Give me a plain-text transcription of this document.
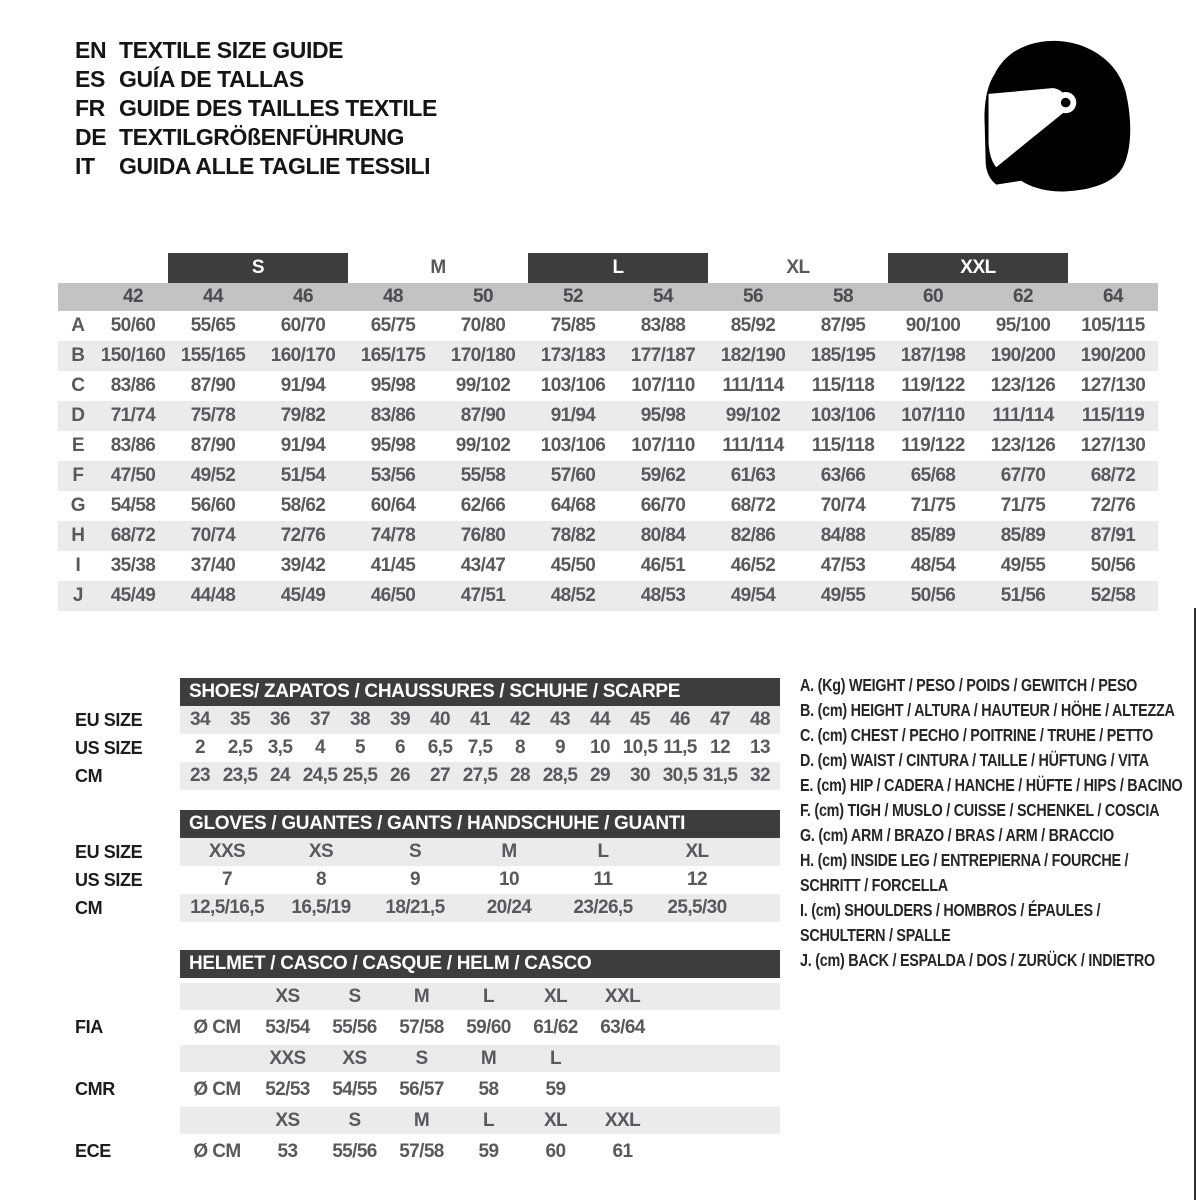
EN TEXTILE SIZE GUIDE
ES GUÍA DE TALLAS
FR GUIDE DES TAILLES TEXTILE
DE TEXTILGRÖßENFÜHRUNG
IT	GUIDA ALLE TAGLIE TESSILI
S	M	L	XL	XXL
42	44	46	48	50	52	54	56	58	60	62	64
A	50/60	55/65	60/70	65/75	70/80	75/85	83/88	85/92	87/95	90/100	95/100	105/115
B 150/160 155/165	160/170	165/175	170/180	173/183	177/187	182/190	185/195	187/198	190/200	190/200
C	83/86	87/90	91/94	95/98	99/102	103/106	107/110	111/114	115/118	119/122	123/126	127/130
D	71/74	75/78	79/82	83/86	87/90	91/94	95/98	99/102	103/106	107/110	111/114	115/119
E	83/86	87/90	91/94	95/98	99/102	103/106	107/110	111/114	115/118	119/122	123/126	127/130
F	47/50	49/52	51/54	53/56	55/58	57/60	59/62	61/63	63/66	65/68	67/70	68/72
G	54/58	56/60	58/62	60/64	62/66	64/68	66/70	68/72	70/74	71/75	71/75	72/76
H	68/72	70/74	72/76	74/78	76/80	78/82	80/84	82/86	84/88	85/89	85/89	87/91
I	35/38	37/40	39/42	41/45	43/47	45/50	46/51	46/52	47/53	48/54	49/55	50/56
J	45/49	44/48	45/49	46/50	47/51	48/52	48/53	49/54	49/55	50/56	51/56	52/58
SHOES/ ZAPATOS / CHAUSSURES / SCHUHE / SCARPE
EU SIZE	34	35	36	37	38	39	40	41	42	43	44	45	46	47	48
US SIZE	2	2,5 3,5	4	5	6	6,5 7,5	8	9	10 10,5 11,5 12	13
CM	23 23,5 24 24,5 25,5 26	27 27,5 28 28,5 29	30 30,5 31,5 32
GLOVES / GUANTES / GANTS / HANDSCHUHE / GUANTI
EU SIZE	XXS	XS	S	M	L	XL
US SIZE	7	8	9	10	11	12
CM	12,5/16,5	16,5/19	18/21,5	20/24	23/26,5	25,5/30
HELMET / CASCO / CASQUE / HELM / CASCO
XS	S	M	L	XL	XXL
FIA	Ø CM	53/54	55/56	57/58	59/60	61/62	63/64
XXS	XS	S	M	L
CMR	Ø CM	52/53	54/55	56/57	58	59
XS	S	M	L	XL	XXL
ECE	Ø CM	53	55/56	57/58	59	60	61
A. (Kg) WEIGHT / PESO / POIDS / GEWITCH / PESO
B. (cm) HEIGHT / ALTURA / HAUTEUR / HÖHE / ALTEZZA
C. (cm) CHEST / PECHO / POITRINE / TRUHE / PETTO
D. (cm) WAIST / CINTURA / TAILLE / HÜFTUNG / VITA
E. (cm) HIP / CADERA / HANCHE / HÜFTE / HIPS / BACINO
F. (cm) TIGH / MUSLO / CUISSE / SCHENKEL / COSCIA
G. (cm) ARM / BRAZO / BRAS / ARM / BRACCIO
H. (cm) INSIDE LEG / ENTREPIERNA / FOURCHE /
SCHRITT / FORCELLA
I. (cm) SHOULDERS / HOMBROS / ÉPAULES /
SCHULTERN / SPALLE
J. (cm) BACK / ESPALDA / DOS / ZURÜCK / INDIETRO
